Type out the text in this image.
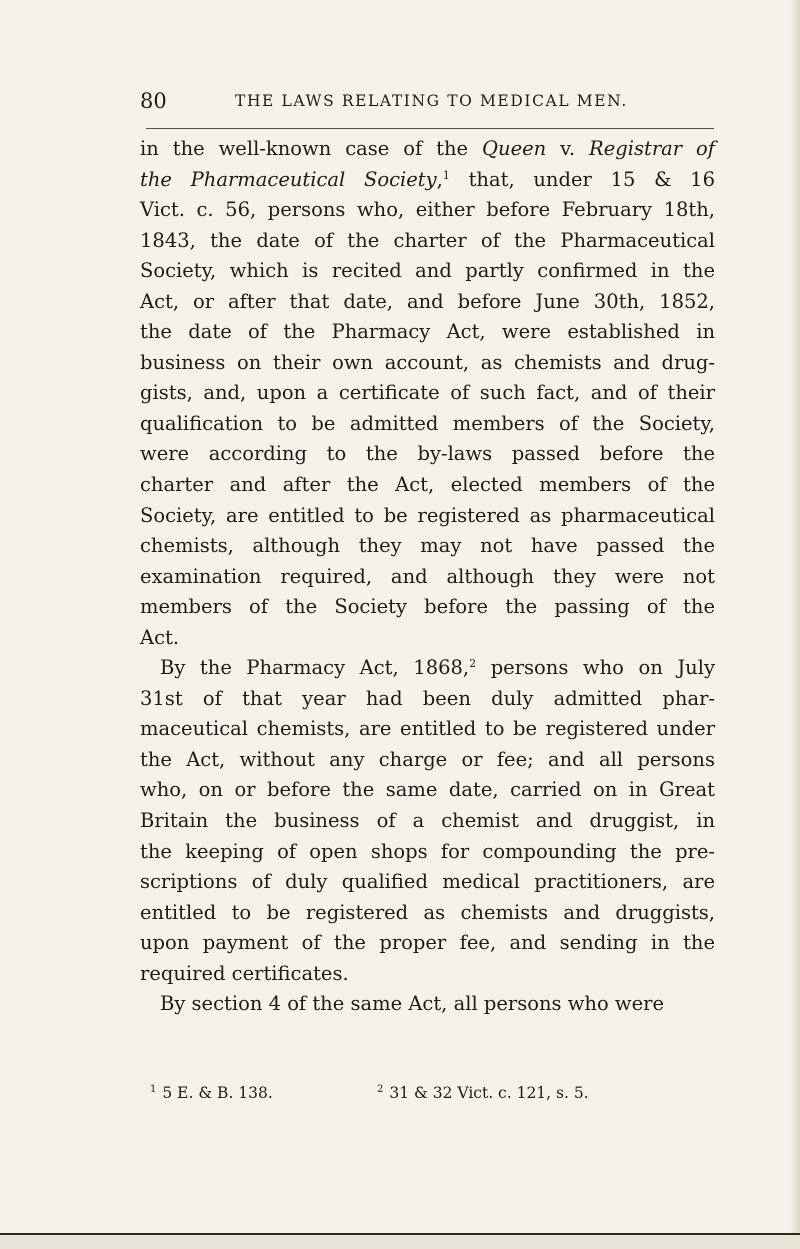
80	THE LAWS RELATING TO MEDICAL MEN.
in the well-known case of the Queen v. Registrar of
the Pharmaceutical Society,$^1$ that, under 15 & 16
Vict. c. 56, persons who, either before February 18th,
1843, the date of the charter of the Pharmaceutical
Society, which is recited and partly confirmed in the
Act, or after that date, and before June 30th, 1852,
the date of the Pharmacy Act, were established in
business on their own account, as chemists and drug-
gists, and, upon a certificate of such fact, and of their
qualification to be admitted members of the Society,
were according to the by-laws passed before the
charter and after the Act, elected members of the
Society, are entitled to be registered as pharmaceutical
chemists, although they may not have passed the
examination required, and although they were not
members of the Society before the passing of the
Act.
By the Pharmacy Act, 1868,$^2$ persons who on July
31st of that year had been duly admitted phar-
maceutical chemists, are entitled to be registered under
the Act, without any charge or fee; and all persons
who, on or before the same date, carried on in Great
Britain the business of a chemist and druggist, in
the keeping of open shops for compounding the pre-
scriptions of duly qualified medical practitioners, are
entitled to be registered as chemists and druggists,
upon payment of the proper fee, and sending in the
required certificates.
By section 4 of the same Act, all persons who were
$^1$ 5 E. & B. 138.	$^2$ 31 & 32 Vict. c. 121, s. 5.
